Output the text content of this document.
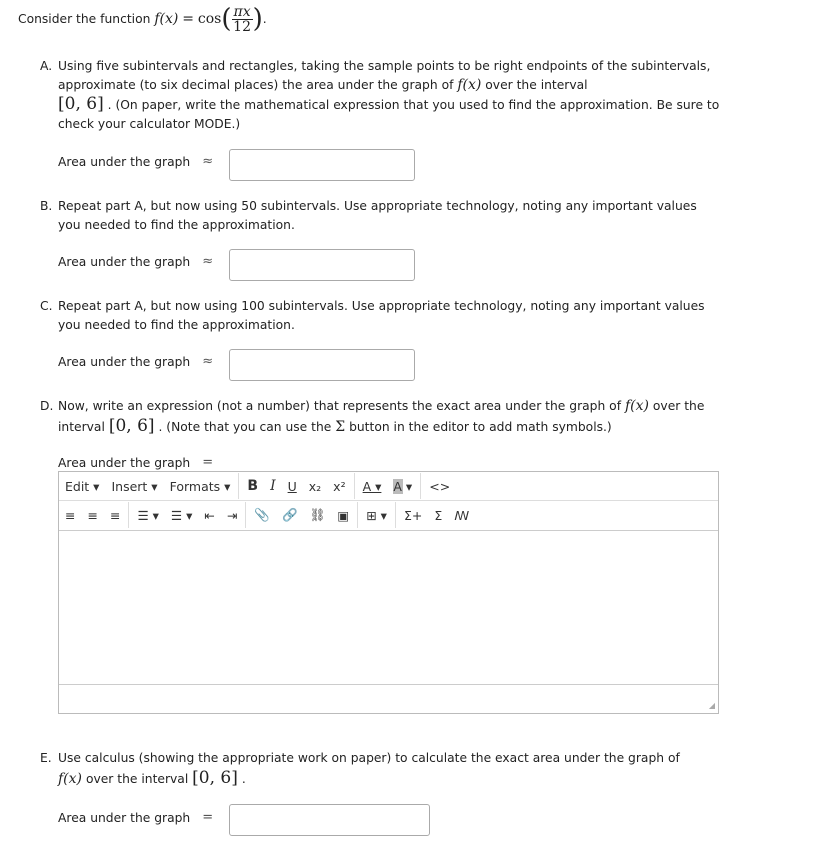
Consider the function
f(x)
=
cos ( $\frac{\pi x}{12}$ ) .
A. Using five subintervals and rectangles, taking the sample points to be right endpoints of the subintervals, approximate (to six decimal places) the area under the graph of f(x) over the interval
[0, 6] . (On paper, write the mathematical expression that you used to find the approximation. Be sure to check your calculator MODE.)
Area under the graph ≈
B. Repeat part A, but now using 50 subintervals. Use appropriate technology, noting any important values you needed to find the approximation.
Area under the graph ≈
C. Repeat part A, but now using 100 subintervals. Use appropriate technology, noting any important values you needed to find the approximation.
Area under the graph ≈
D. Now, write an expression (not a number) that represents the exact area under the graph of f(x) over the interval [0, 6] . (Note that you can use the Σ button in the editor to add math symbols.)
Area under the graph =
Edit ▾ Insert ▾ Formats ▾ B I U x₂ x² A ▾ A ▾ <>
≡ ≡ ≡ ☰ ▾ ☰ ▾ ⇤ ⇥ 📎 🔗 ⛓ ▣ ⊞ ▾ Σ+ Σ ꟿ
◢
E. Use calculus (showing the appropriate work on paper) to calculate the exact area under the graph of
f(x) over the interval [0, 6] .
Area under the graph =
